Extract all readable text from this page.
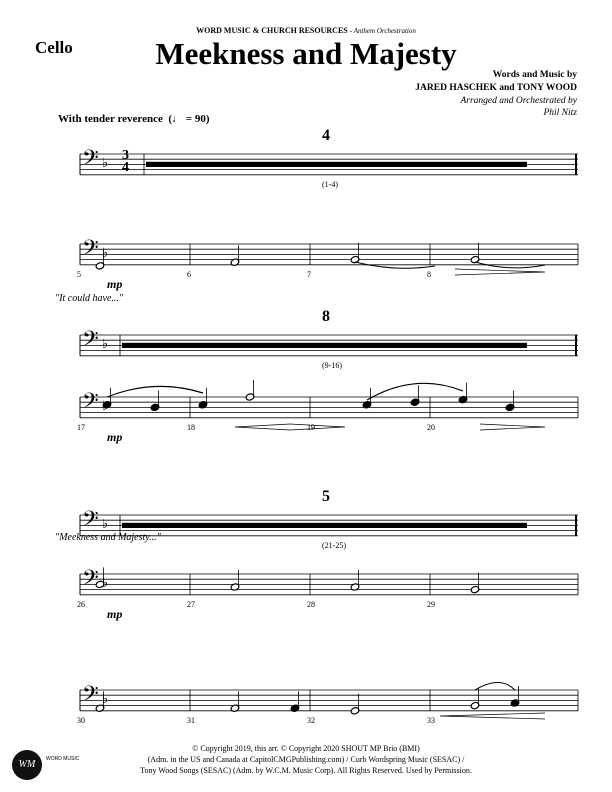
WORD MUSIC & CHURCH RESOURCES - Anthem Orchestration
Cello	Meekness and Majesty
Words and Music by
JARED HASCHEK and TONY WOOD
Arranged and Orchestrated by
Phil Nitz
With tender reverence (♩ = 90)
𝄢 ♭
4
(1-4)
3
4
𝄢 ♭
5	6	7	8
mp
𝄢 ♭
8
(9-16)
"It could have..."
𝄢 ♭
17	18	19	20
mp
𝄢 ♭
5
(21-25)
𝄢 ♭
26	27	28	29
mp
"Meekness and Majesty..."
𝄢 ♭
30	31	32	33
© Copyright 2019, this arr. © Copyright 2020 SHOUT MP Brio (BMI)
(Adm. in the US and Canada at CapitolCMGPublishing.com) / Curb Wordspring Music (SESAC) /
Tony Wood Songs (SESAC) (Adm. by W.C.M. Music Corp). All Rights Reserved. Used by Permission.
WM	WORD MUSIC
